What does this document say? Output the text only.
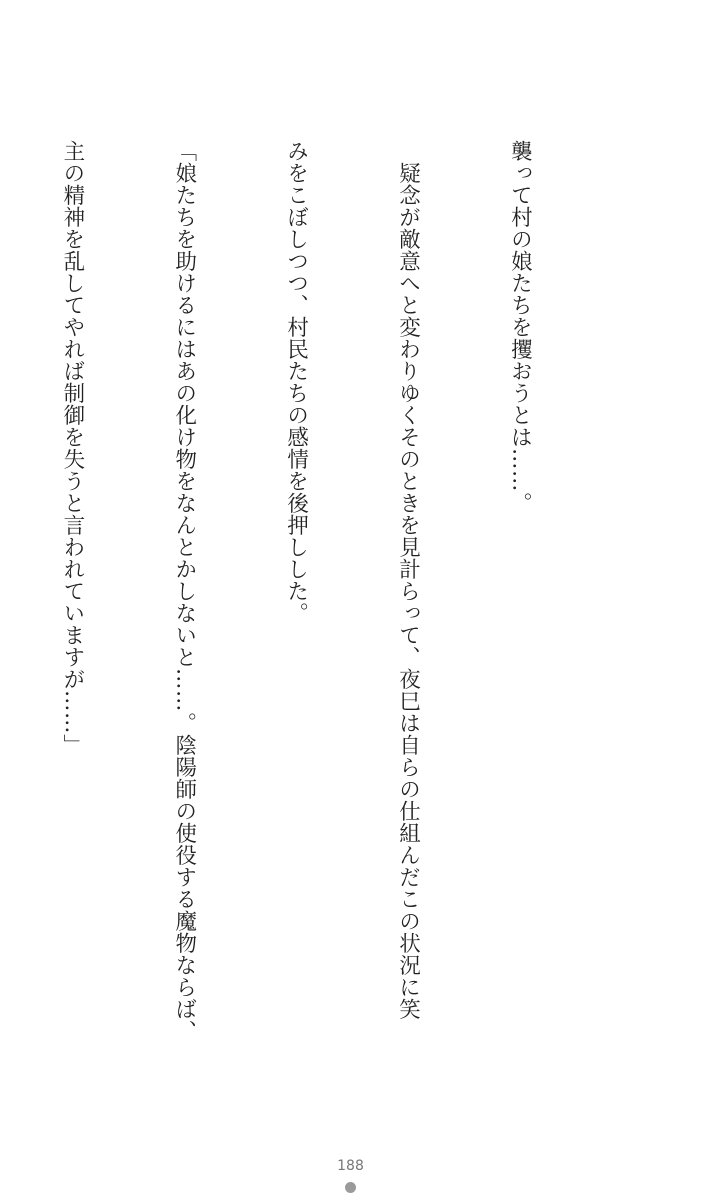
襲って村の娘たちを攫おうとは……。

　疑念が敵意へと変わりゆくそのときを見計らって、夜巳は自らの仕組んだこの状況に笑

みをこぼしつつ、村民たちの感情を後押しした。

「娘たちを助けるにはあの化け物をなんとかしないと……。陰陽師の使役する魔物ならば、

主の精神を乱してやれば制御を失うと言われていますが……」

188
